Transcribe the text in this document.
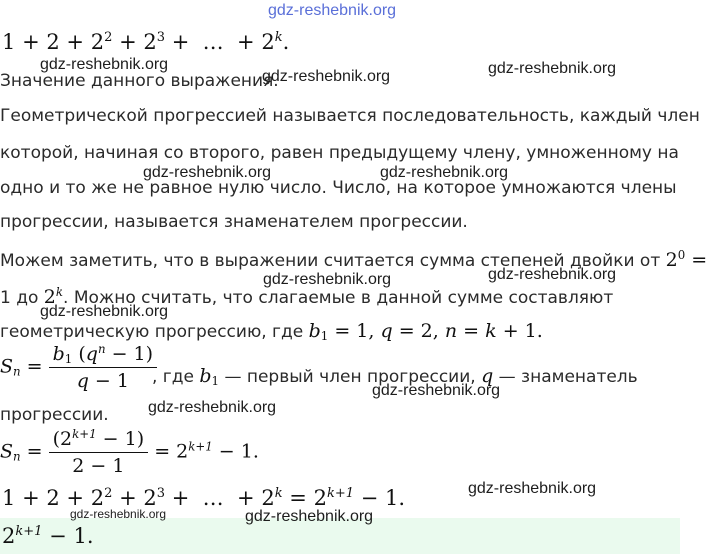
gdz-reshebnik.org
$1 + 2 + 2^2 + 2^3$ + … + $2^k$.
gdz-reshebnik.org
Значение данного выражения.
gdz-reshebnik.org	gdz-reshebnik.org
Геометрической прогрессией называется последовательность, каждый член
которой, начиная со второго, равен предыдущему члену, умноженному на
gdz-reshebnik.org	gdz-reshebnik.org
одно и то же не равное нулю число. Число, на которое умножаются члены
прогрессии, называется знаменателем прогрессии.
Можем заметить, что в выражении считается сумма степеней двойки от $2^0$ =
gdz-reshebnik.org	gdz-reshebnik.org
1 до 2$^k$. Можно считать, что слагаемые в данной сумме составляют
gdz-reshebnik.org
геометрическую прогрессию, где $b_1 = 1$, q = 2, n = k + 1.
$S_n = \frac{b_1 (q^n - 1)}{q - 1}$
, где $b_1$ — первый член прогрессии, q — знаменатель
gdz-reshebnik.org
gdz-reshebnik.org
прогрессии.
$S_n = \frac{(2^{k+1} - 1)}{2 - 1} = 2^{k+1} - 1$.
$1 + 2 + 2^2 + 2^3$ + … + $2^k = 2^{k+1} - 1$.	gdz-reshebnik.org
gdz-reshebnik.org	gdz-reshebnik.org
$2^{k+1} - 1$.
